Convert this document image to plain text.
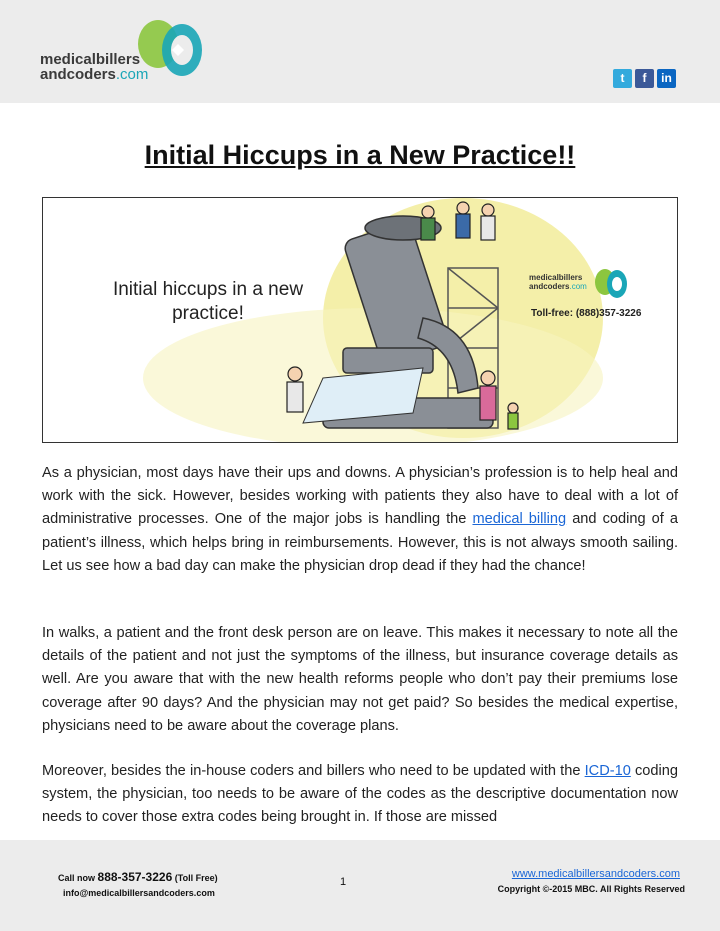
medicalbillers
andcoders.com	t	f	in
Initial Hiccups in a New Practice!!
Initial hiccups in a new
practice!
medicalbillers
andcoders.com
Toll-free: (888)357-3226
As a physician, most days have their ups and downs. A physician’s profession is to help heal and work with the sick. However, besides working with patients they also have to deal with a lot of administrative processes. One of the major jobs is handling the medical billing and coding of a patient’s illness, which helps bring in reimbursements. However, this is not always smooth sailing. Let us see how a bad day can make the physician drop dead if they had the chance!
In walks, a patient and the front desk person are on leave. This makes it necessary to note all the details of the patient and not just the symptoms of the illness, but insurance coverage details as well. Are you aware that with the new health reforms people who don’t pay their premiums lose coverage after 90 days? And the physician may not get paid? So besides the medical expertise, physicians need to be aware about the coverage plans.
Moreover, besides the in-house coders and billers who need to be updated with the ICD-10 coding system, the physician, too needs to be aware of the codes as the descriptive documentation now needs to cover those extra codes being brought in. If those are missed
Call now 888-357-3226 (Toll Free)
info@medicalbillersandcoders.com
1
www.medicalbillersandcoders.com
Copyright ©-2015 MBC. All Rights Reserved
